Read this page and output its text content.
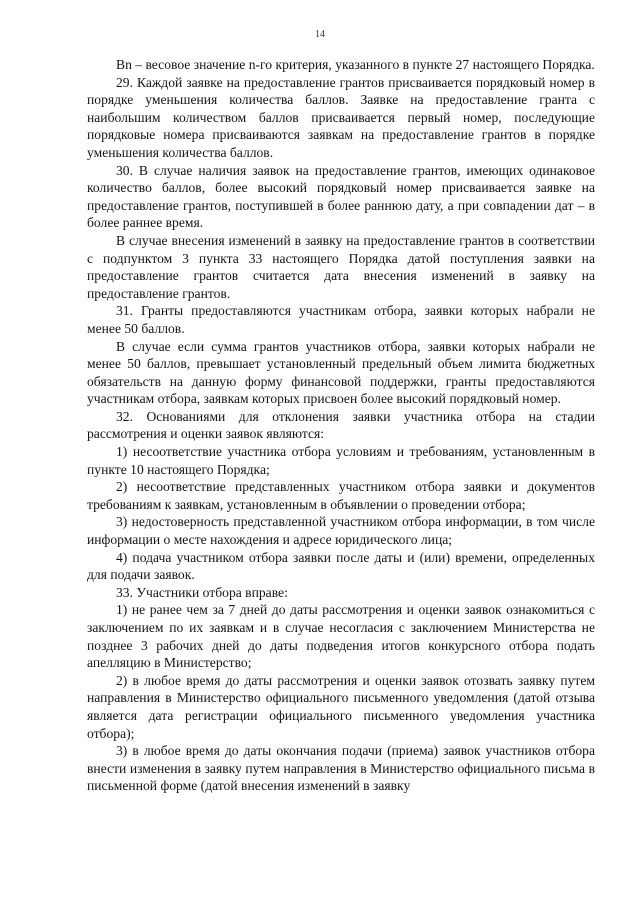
14

Вn – весовое значение n-го критерия, указанного в пункте 27 настоящего Порядка.

29. Каждой заявке на предоставление грантов присваивается порядковый номер в порядке уменьшения количества баллов. Заявке на предоставление гранта с наибольшим количеством баллов присваивается первый номер, последующие порядковые номера присваиваются заявкам на предоставление грантов в порядке уменьшения количества баллов.

30. В случае наличия заявок на предоставление грантов, имеющих одинаковое количество баллов, более высокий порядковый номер присваивается заявке на предоставление грантов, поступившей в более раннюю дату, а при совпадении дат – в более раннее время.

В случае внесения изменений в заявку на предоставление грантов в соответствии с подпунктом 3 пункта 33 настоящего Порядка датой поступления заявки на предоставление грантов считается дата внесения изменений в заявку на предоставление грантов.

31. Гранты предоставляются участникам отбора, заявки которых набрали не менее 50 баллов.

В случае если сумма грантов участников отбора, заявки которых набрали не менее 50 баллов, превышает установленный предельный объем лимита бюджетных обязательств на данную форму финансовой поддержки, гранты предоставляются участникам отбора, заявкам которых присвоен более высокий порядковый номер.

32. Основаниями для отклонения заявки участника отбора на стадии рассмотрения и оценки заявок являются:

1) несоответствие участника отбора условиям и требованиям, установленным в пункте 10 настоящего Порядка;

2) несоответствие представленных участником отбора заявки и документов требованиям к заявкам, установленным в объявлении о проведении отбора;

3) недостоверность представленной участником отбора информации, в том числе информации о месте нахождения и адресе юридического лица;

4) подача участником отбора заявки после даты и (или) времени, определенных для подачи заявок.

33. Участники отбора вправе:

1) не ранее чем за 7 дней до даты рассмотрения и оценки заявок ознакомиться с заключением по их заявкам и в случае несогласия с заключением Министерства не позднее 3 рабочих дней до даты подведения итогов конкурсного отбора подать апелляцию в Министерство;

2) в любое время до даты рассмотрения и оценки заявок отозвать заявку путем направления в Министерство официального письменного уведомления (датой отзыва является дата регистрации официального письменного уведомления участника отбора);

3) в любое время до даты окончания подачи (приема) заявок участников отбора внести изменения в заявку путем направления в Министерство официального письма в письменной форме (датой внесения изменений в заявку
